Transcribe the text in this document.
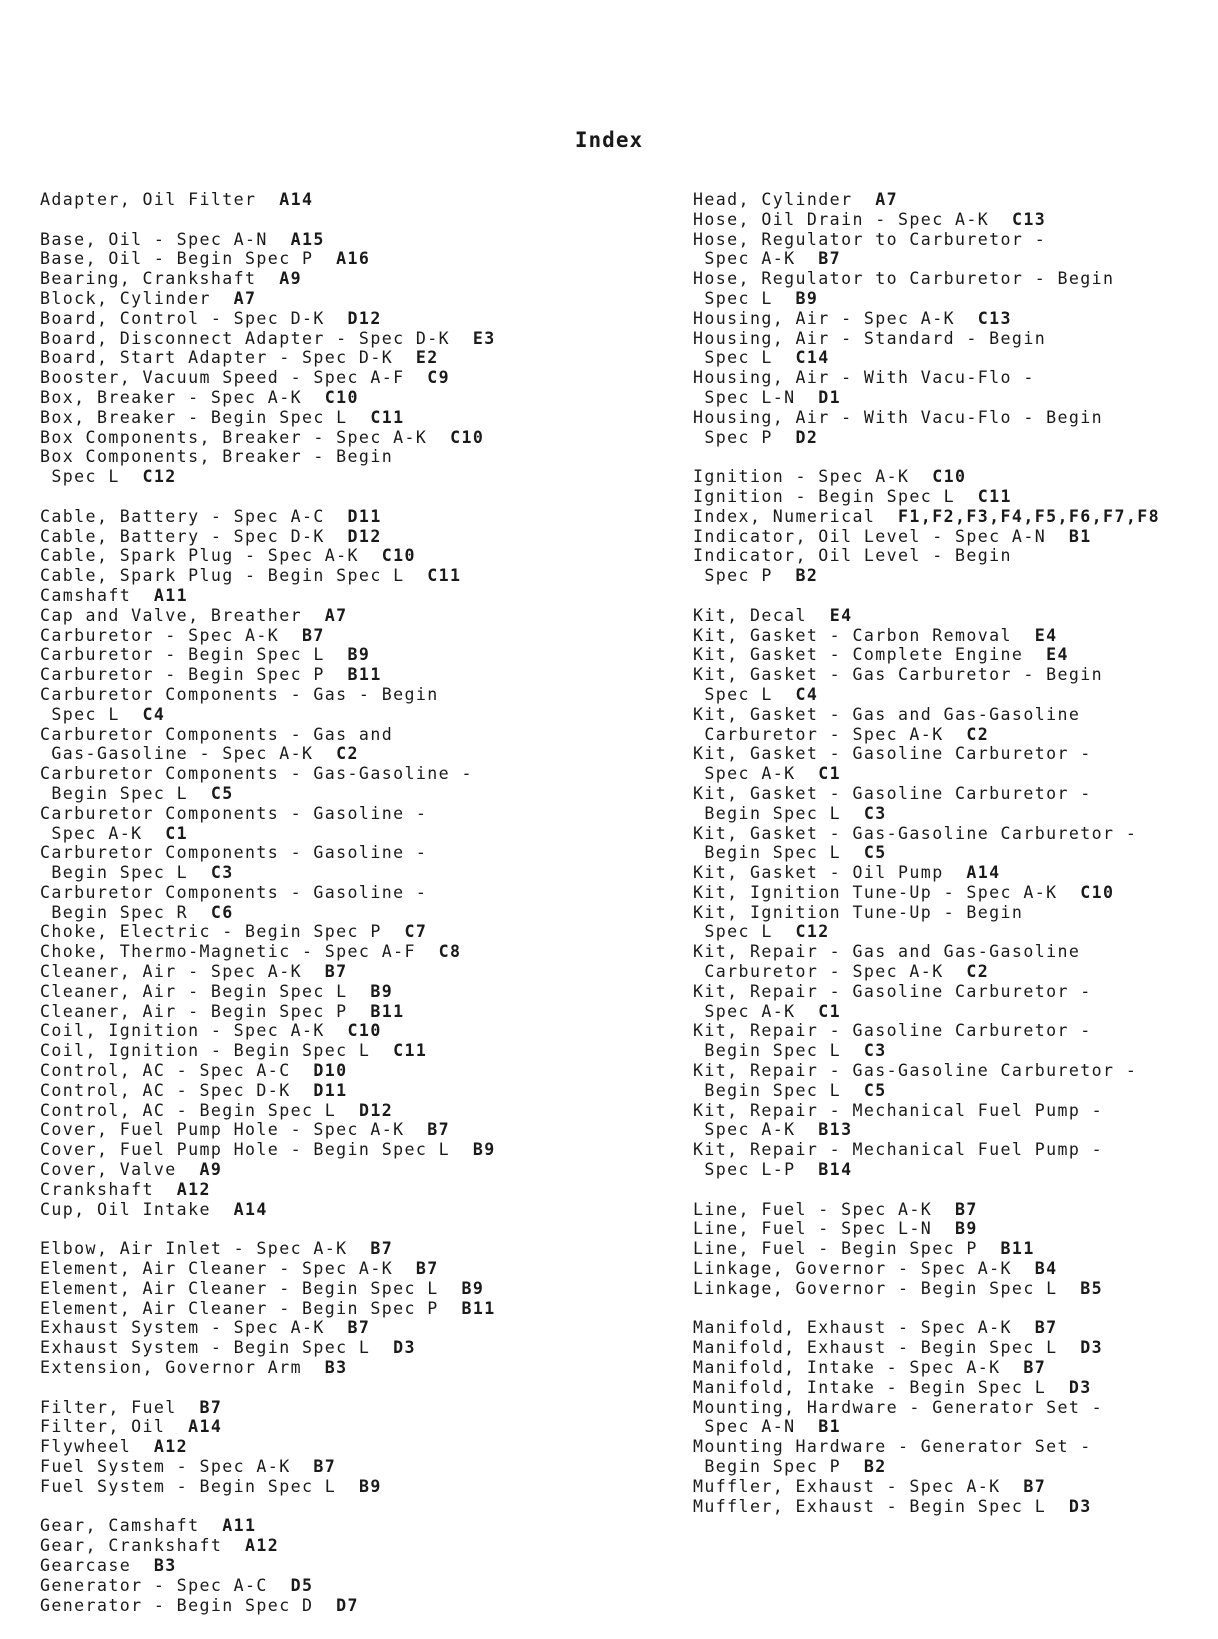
Index
Adapter, Oil Filter  A14
Base, Oil - Spec A-N  A15
Base, Oil - Begin Spec P  A16
Bearing, Crankshaft  A9
Block, Cylinder  A7
Board, Control - Spec D-K  D12
Board, Disconnect Adapter - Spec D-K  E3
Board, Start Adapter - Spec D-K  E2
Booster, Vacuum Speed - Spec A-F  C9
Box, Breaker - Spec A-K  C10
Box, Breaker - Begin Spec L  C11
Box Components, Breaker - Spec A-K  C10
Box Components, Breaker - Begin
Spec L  C12
Cable, Battery - Spec A-C  D11
Cable, Battery - Spec D-K  D12
Cable, Spark Plug - Spec A-K  C10
Cable, Spark Plug - Begin Spec L  C11
Camshaft  A11
Cap and Valve, Breather  A7
Carburetor - Spec A-K  B7
Carburetor - Begin Spec L  B9
Carburetor - Begin Spec P  B11
Carburetor Components - Gas - Begin
Spec L  C4
Carburetor Components - Gas and
Gas-Gasoline - Spec A-K  C2
Carburetor Components - Gas-Gasoline -
Begin Spec L  C5
Carburetor Components - Gasoline -
Spec A-K  C1
Carburetor Components - Gasoline -
Begin Spec L  C3
Carburetor Components - Gasoline -
Begin Spec R  C6
Choke, Electric - Begin Spec P  C7
Choke, Thermo-Magnetic - Spec A-F  C8
Cleaner, Air - Spec A-K  B7
Cleaner, Air - Begin Spec L  B9
Cleaner, Air - Begin Spec P  B11
Coil, Ignition - Spec A-K  C10
Coil, Ignition - Begin Spec L  C11
Control, AC - Spec A-C  D10
Control, AC - Spec D-K  D11
Control, AC - Begin Spec L  D12
Cover, Fuel Pump Hole - Spec A-K  B7
Cover, Fuel Pump Hole - Begin Spec L  B9
Cover, Valve  A9
Crankshaft  A12
Cup, Oil Intake  A14
Elbow, Air Inlet - Spec A-K  B7
Element, Air Cleaner - Spec A-K  B7
Element, Air Cleaner - Begin Spec L  B9
Element, Air Cleaner - Begin Spec P  B11
Exhaust System - Spec A-K  B7
Exhaust System - Begin Spec L  D3
Extension, Governor Arm  B3
Filter, Fuel  B7
Filter, Oil  A14
Flywheel  A12
Fuel System - Spec A-K  B7
Fuel System - Begin Spec L  B9
Gear, Camshaft  A11
Gear, Crankshaft  A12
Gearcase  B3
Generator - Spec A-C  D5
Generator - Begin Spec D  D7
Head, Cylinder  A7
Hose, Oil Drain - Spec A-K  C13
Hose, Regulator to Carburetor -
Spec A-K  B7
Hose, Regulator to Carburetor - Begin
Spec L  B9
Housing, Air - Spec A-K  C13
Housing, Air - Standard - Begin
Spec L  C14
Housing, Air - With Vacu-Flo -
Spec L-N  D1
Housing, Air - With Vacu-Flo - Begin
Spec P  D2
Ignition - Spec A-K  C10
Ignition - Begin Spec L  C11
Index, Numerical  F1,F2,F3,F4,F5,F6,F7,F8
Indicator, Oil Level - Spec A-N  B1
Indicator, Oil Level - Begin
Spec P  B2
Kit, Decal  E4
Kit, Gasket - Carbon Removal  E4
Kit, Gasket - Complete Engine  E4
Kit, Gasket - Gas Carburetor - Begin
Spec L  C4
Kit, Gasket - Gas and Gas-Gasoline
Carburetor - Spec A-K  C2
Kit, Gasket - Gasoline Carburetor -
Spec A-K  C1
Kit, Gasket - Gasoline Carburetor -
Begin Spec L  C3
Kit, Gasket - Gas-Gasoline Carburetor -
Begin Spec L  C5
Kit, Gasket - Oil Pump  A14
Kit, Ignition Tune-Up - Spec A-K  C10
Kit, Ignition Tune-Up - Begin
Spec L  C12
Kit, Repair - Gas and Gas-Gasoline
Carburetor - Spec A-K  C2
Kit, Repair - Gasoline Carburetor -
Spec A-K  C1
Kit, Repair - Gasoline Carburetor -
Begin Spec L  C3
Kit, Repair - Gas-Gasoline Carburetor -
Begin Spec L  C5
Kit, Repair - Mechanical Fuel Pump -
Spec A-K  B13
Kit, Repair - Mechanical Fuel Pump -
Spec L-P  B14
Line, Fuel - Spec A-K  B7
Line, Fuel - Spec L-N  B9
Line, Fuel - Begin Spec P  B11
Linkage, Governor - Spec A-K  B4
Linkage, Governor - Begin Spec L  B5
Manifold, Exhaust - Spec A-K  B7
Manifold, Exhaust - Begin Spec L  D3
Manifold, Intake - Spec A-K  B7
Manifold, Intake - Begin Spec L  D3
Mounting, Hardware - Generator Set -
Spec A-N  B1
Mounting Hardware - Generator Set -
Begin Spec P  B2
Muffler, Exhaust - Spec A-K  B7
Muffler, Exhaust - Begin Spec L  D3
